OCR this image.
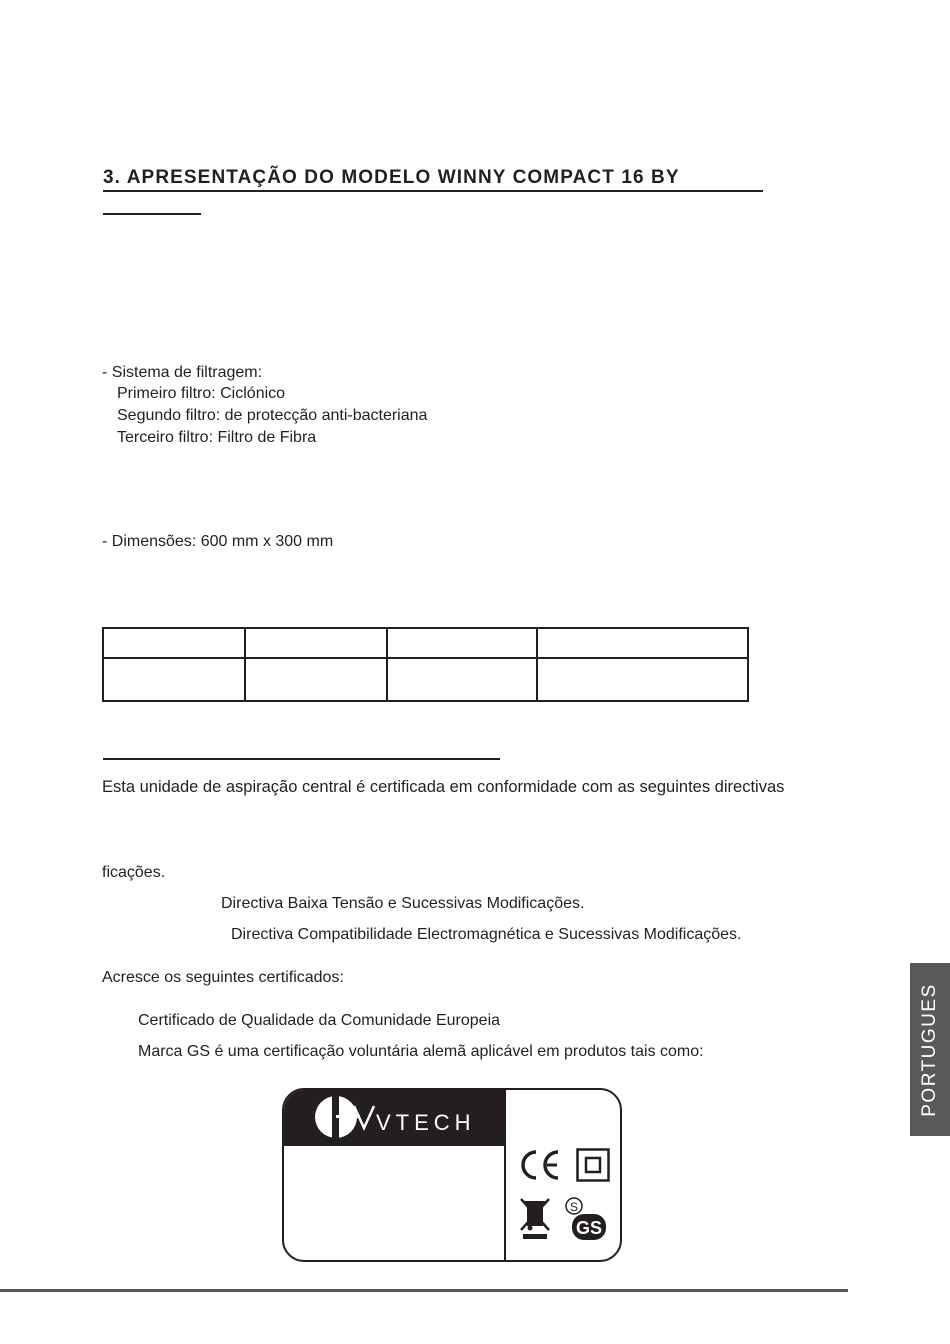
3. APRESENTAÇÃO DO MODELO WINNY COMPACT 16 BY
- Sistema de filtragem:
Primeiro filtro: Ciclónico
Segundo filtro: de protecção anti-bacteriana
Terceiro filtro: Filtro de Fibra
- Dimensões: 600 mm x 300 mm

Esta unidade de aspiração central é certificada em conformidade com as seguintes directivas
ficações.
Directiva Baixa Tensão e Sucessivas Modificações.
Directiva Compatibilidade Electromagnética e Sucessivas Modificações.
Acresce os seguintes certificados:
Certificado de Qualidade da Comunidade Europeia
Marca GS é uma certificação voluntária alemã aplicável em produtos tais como:
VTECH
S
GS
PORTUGUES
